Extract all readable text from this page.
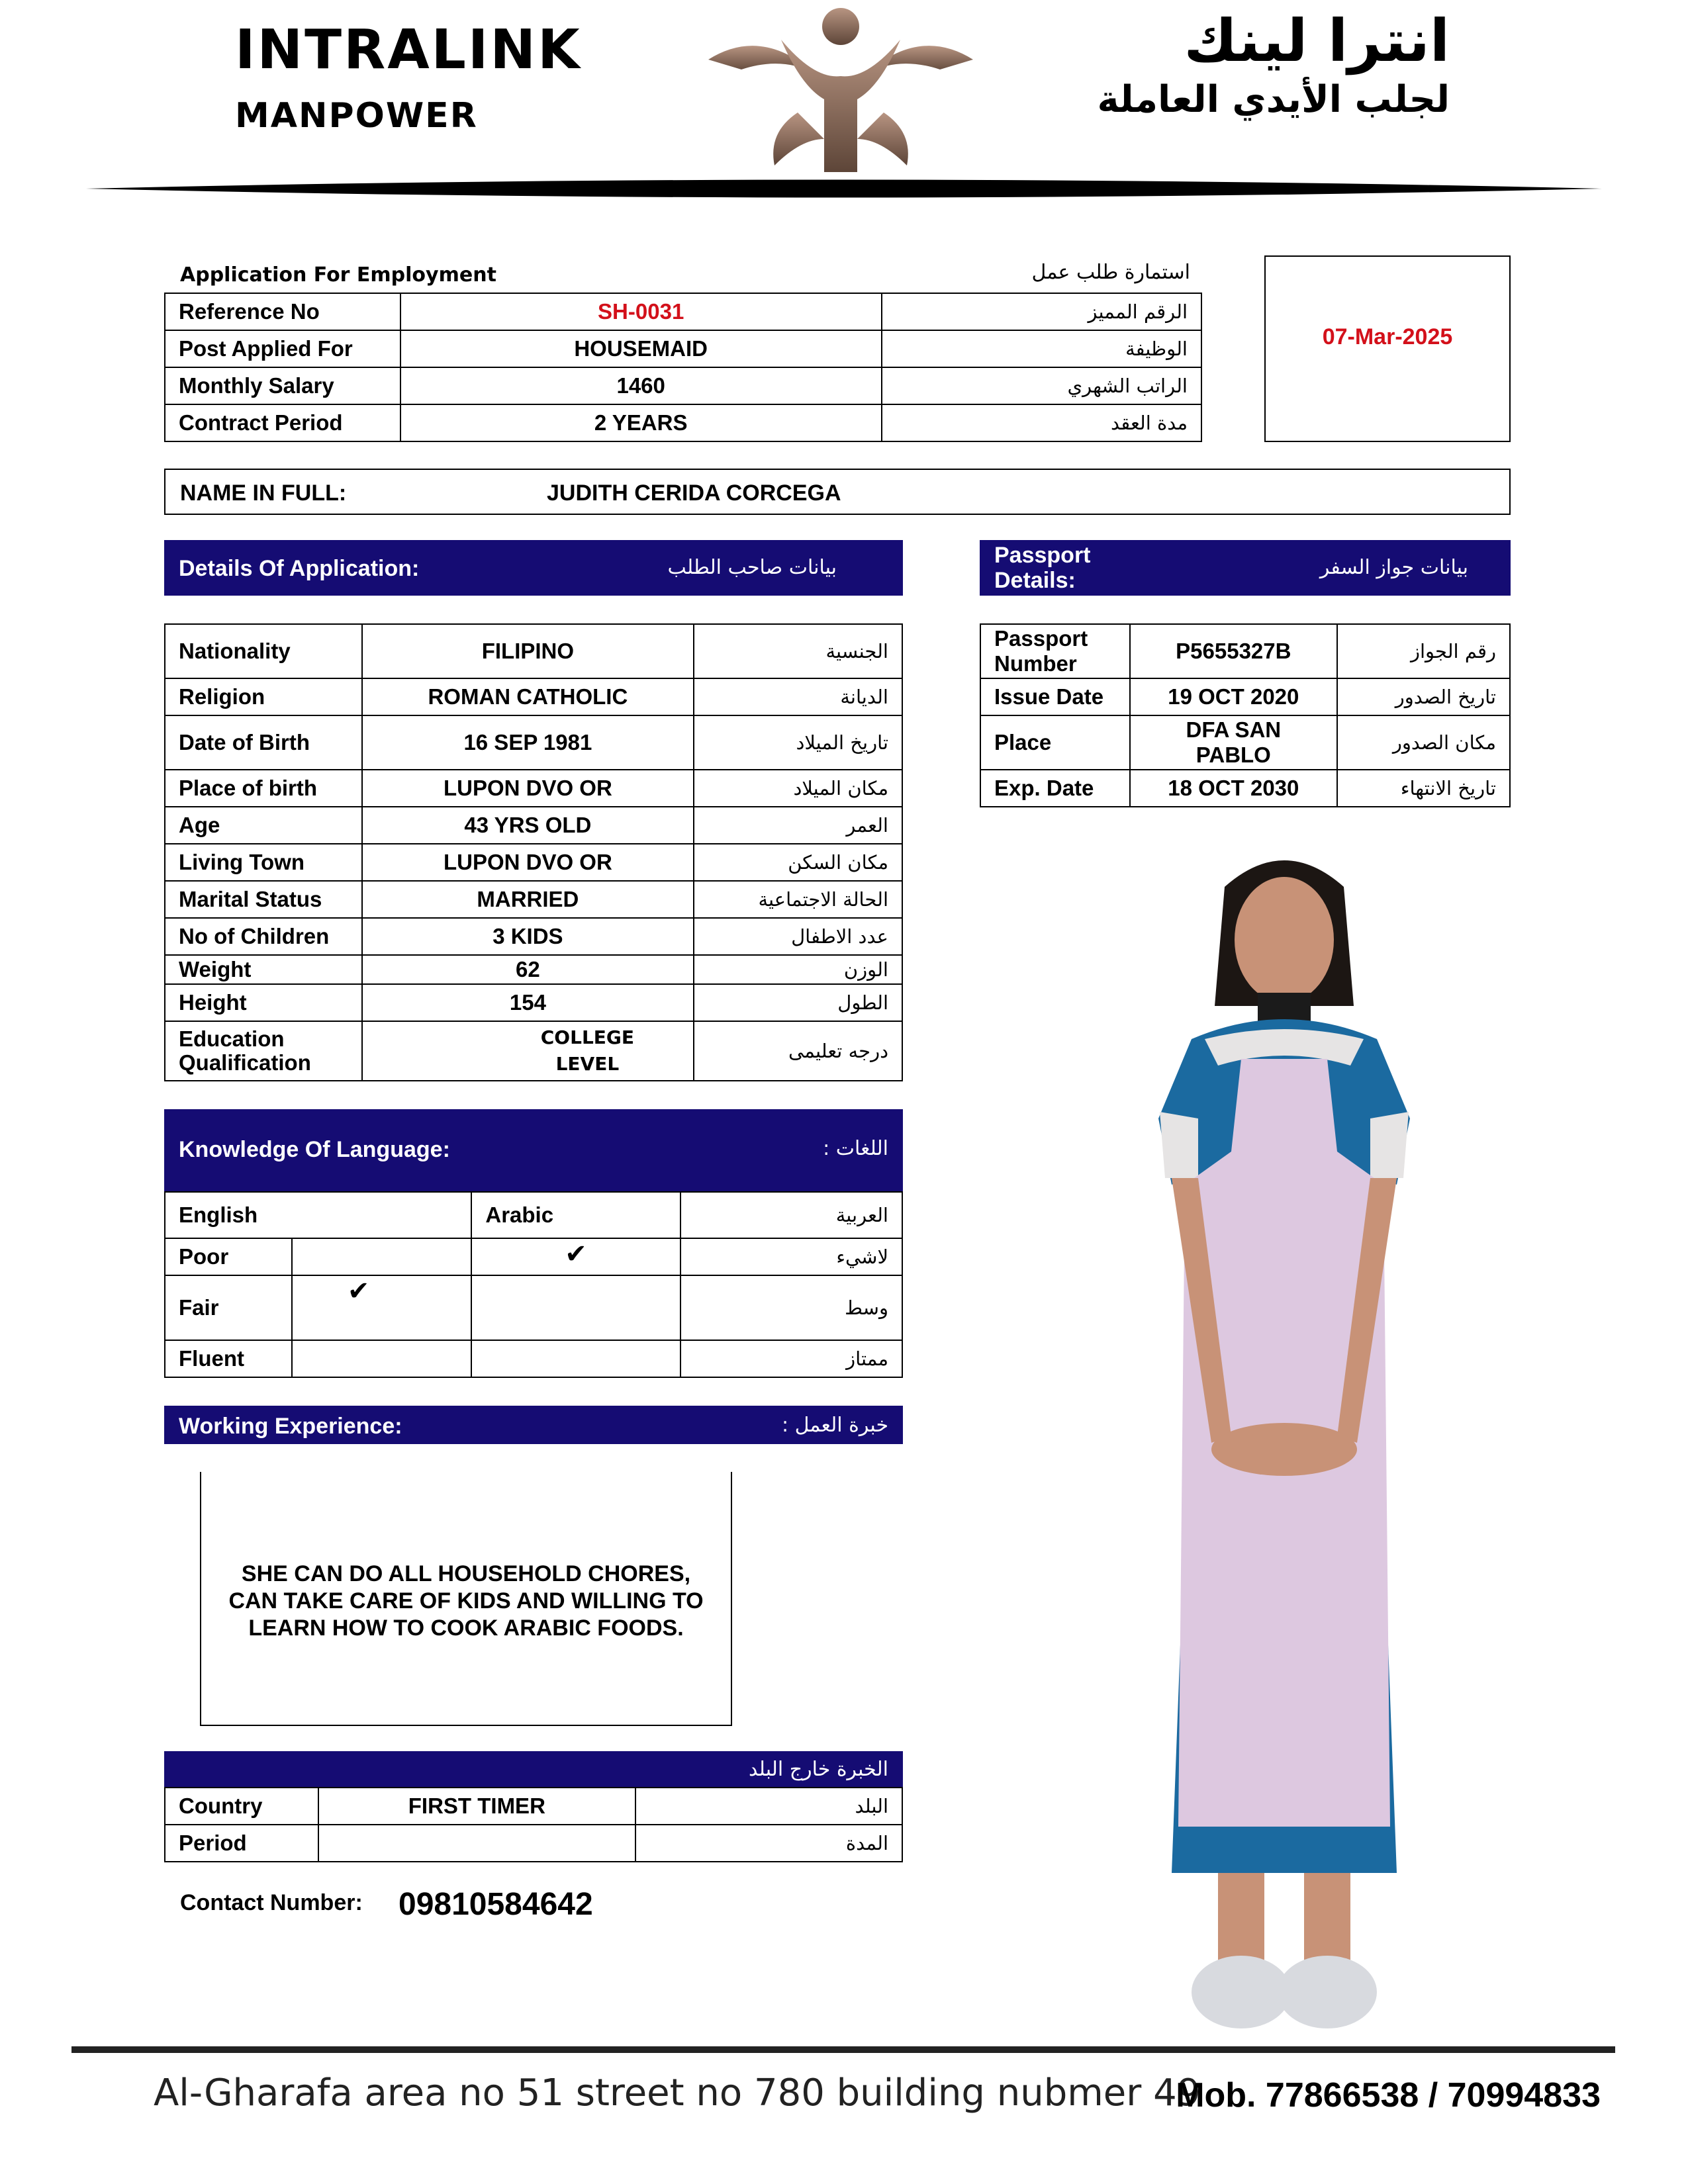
INTRALINK
MANPOWER
انترا لينك
لجلب الأيدي العاملة
Application For Employment	استمارة طلب عمل
Reference No	SH-0031	الرقم المميز
Post Applied For	HOUSEMAID	الوظيفة
Monthly Salary	1460	الراتب الشهري
Contract Period	2 YEARS	مدة العقد
07-Mar-2025
NAME IN FULL:	JUDITH CERIDA CORCEGA
Details Of Application:	بيانات صاحب الطلب	Passport Details:
بيانات جواز السفر
Nationality	FILIPINO	الجنسية
Religion	ROMAN CATHOLIC	الديانة
Date of Birth	16 SEP 1981	تاريخ الميلاد
Place of birth	LUPON DVO OR	مكان الميلاد
Age	43 YRS OLD	العمر
Living Town	LUPON DVO OR	مكان السكن
Marital Status	MARRIED	الحالة الاجتماعية
No of Children	3 KIDS	عدد الاطفال
Weight	62	الوزن
Height	154	الطول
Education Qualification	COLLEGE LEVEL	درجه تعليمى
Passport Number	P5655327B	رقم الجواز
Issue Date	19 OCT 2020	تاريخ الصدور
Place	DFA SAN PABLO	مكان الصدور
Exp. Date	18 OCT 2030	تاريخ الانتهاء
Knowledge Of Language:	اللغات :
English		Arabic	العربية
Poor		✔	لاشيء
Fair	✔		وسط
Fluent			ممتاز
Working Experience:	خبرة العمل :
SHE CAN DO ALL HOUSEHOLD CHORES, CAN TAKE CARE OF KIDS AND WILLING TO LEARN HOW TO COOK ARABIC FOODS.
الخبرة خارج البلد
Country	FIRST TIMER	البلد
Period		المدة
Contact Number: 09810584642
Al-Gharafa area no 51 street no 780 building nubmer 49
Mob. 77866538 / 70994833
